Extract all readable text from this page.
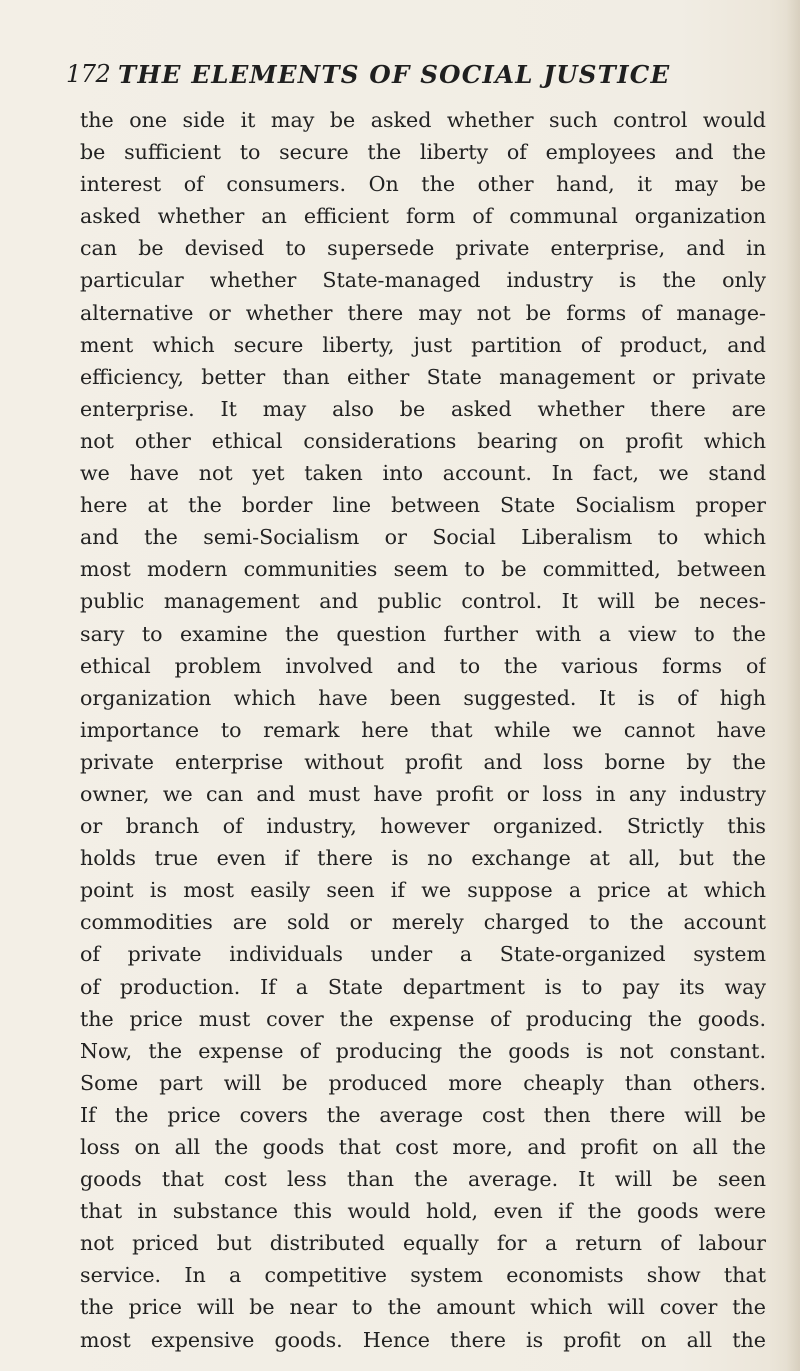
172 THE ELEMENTS OF SOCIAL JUSTICE
the one side it may be asked whether such control would
be sufficient to secure the liberty of employees and the
interest of consumers. On the other hand, it may be
asked whether an efficient form of communal organization
can be devised to supersede private enterprise, and in
particular whether State-managed industry is the only
alternative or whether there may not be forms of manage-
ment which secure liberty, just partition of product, and
efficiency, better than either State management or private
enterprise. It may also be asked whether there are
not other ethical considerations bearing on profit which
we have not yet taken into account. In fact, we stand
here at the border line between State Socialism proper
and the semi-Socialism or Social Liberalism to which
most modern communities seem to be committed, between
public management and public control. It will be neces-
sary to examine the question further with a view to the
ethical problem involved and to the various forms of
organization which have been suggested. It is of high
importance to remark here that while we cannot have
private enterprise without profit and loss borne by the
owner, we can and must have profit or loss in any industry
or branch of industry, however organized. Strictly this
holds true even if there is no exchange at all, but the
point is most easily seen if we suppose a price at which
commodities are sold or merely charged to the account
of private individuals under a State-organized system
of production. If a State department is to pay its way
the price must cover the expense of producing the goods.
Now, the expense of producing the goods is not constant.
Some part will be produced more cheaply than others.
If the price covers the average cost then there will be
loss on all the goods that cost more, and profit on all the
goods that cost less than the average. It will be seen
that in substance this would hold, even if the goods were
not priced but distributed equally for a return of labour
service. In a competitive system economists show that
the price will be near to the amount which will cover the
most expensive goods. Hence there is profit on all the
